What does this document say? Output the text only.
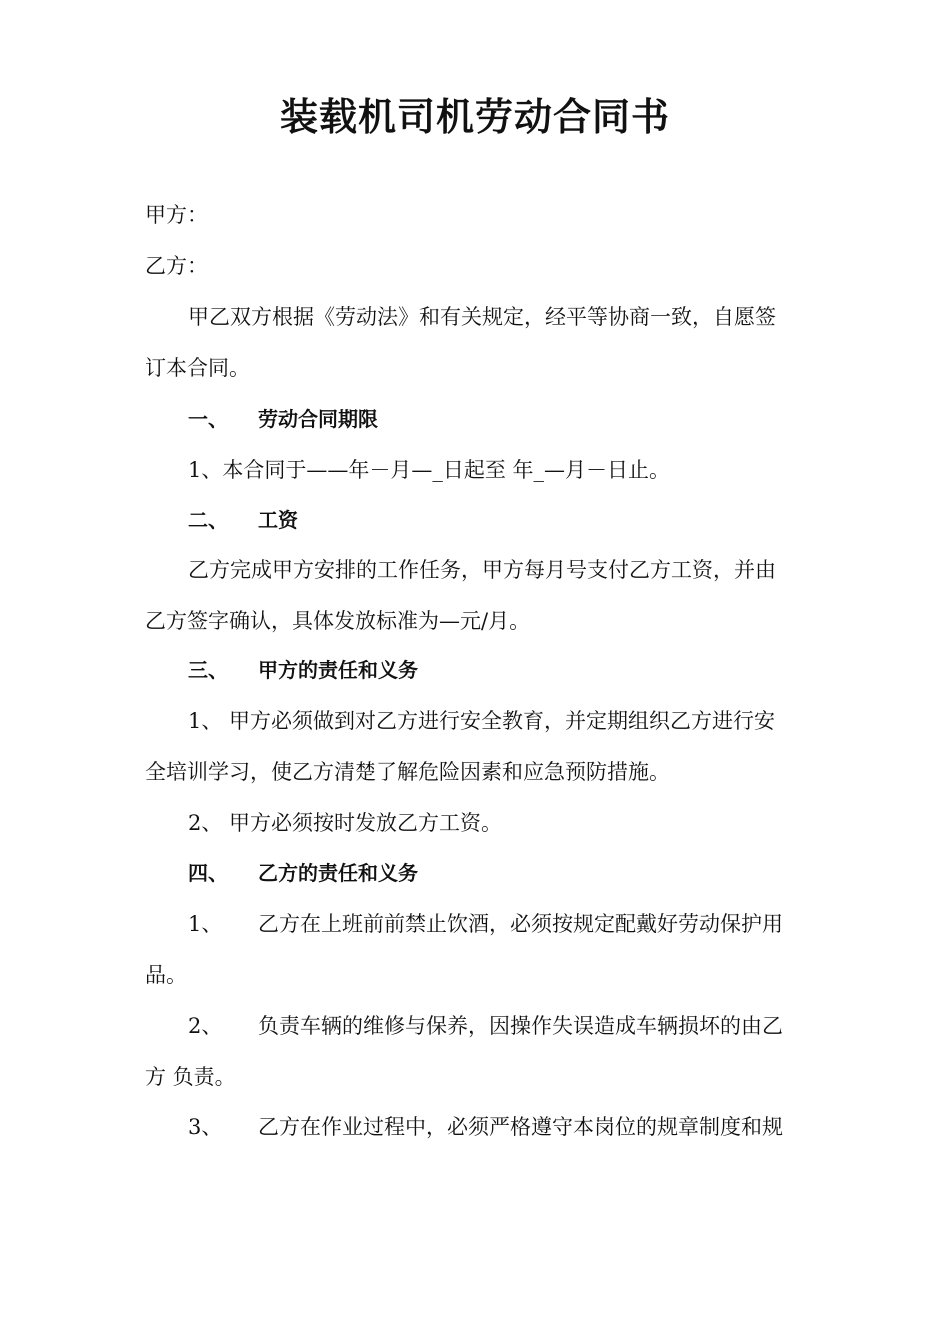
装载机司机劳动合同书
甲方：
乙方：
甲乙双方根据《劳动法》和有关规定，经平等协商一致，自愿签
订本合同。
一、 劳动合同期限
1、本合同于——年－月—_日起至 年_—月－日止。
二、 工资
乙方完成甲方安排的工作任务，甲方每月号支付乙方工资，并由
乙方签字确认，具体发放标准为—元/月。
三、 甲方的责任和义务
1、 甲方必须做到对乙方进行安全教育，并定期组织乙方进行安
全培训学习，使乙方清楚了解危险因素和应急预防措施。
2、 甲方必须按时发放乙方工资。
四、 乙方的责任和义务
1、 乙方在上班前前禁止饮酒，必须按规定配戴好劳动保护用
品。
2、 负责车辆的维修与保养，因操作失误造成车辆损坏的由乙
方 负责。
3、 乙方在作业过程中，必须严格遵守本岗位的规章制度和规
